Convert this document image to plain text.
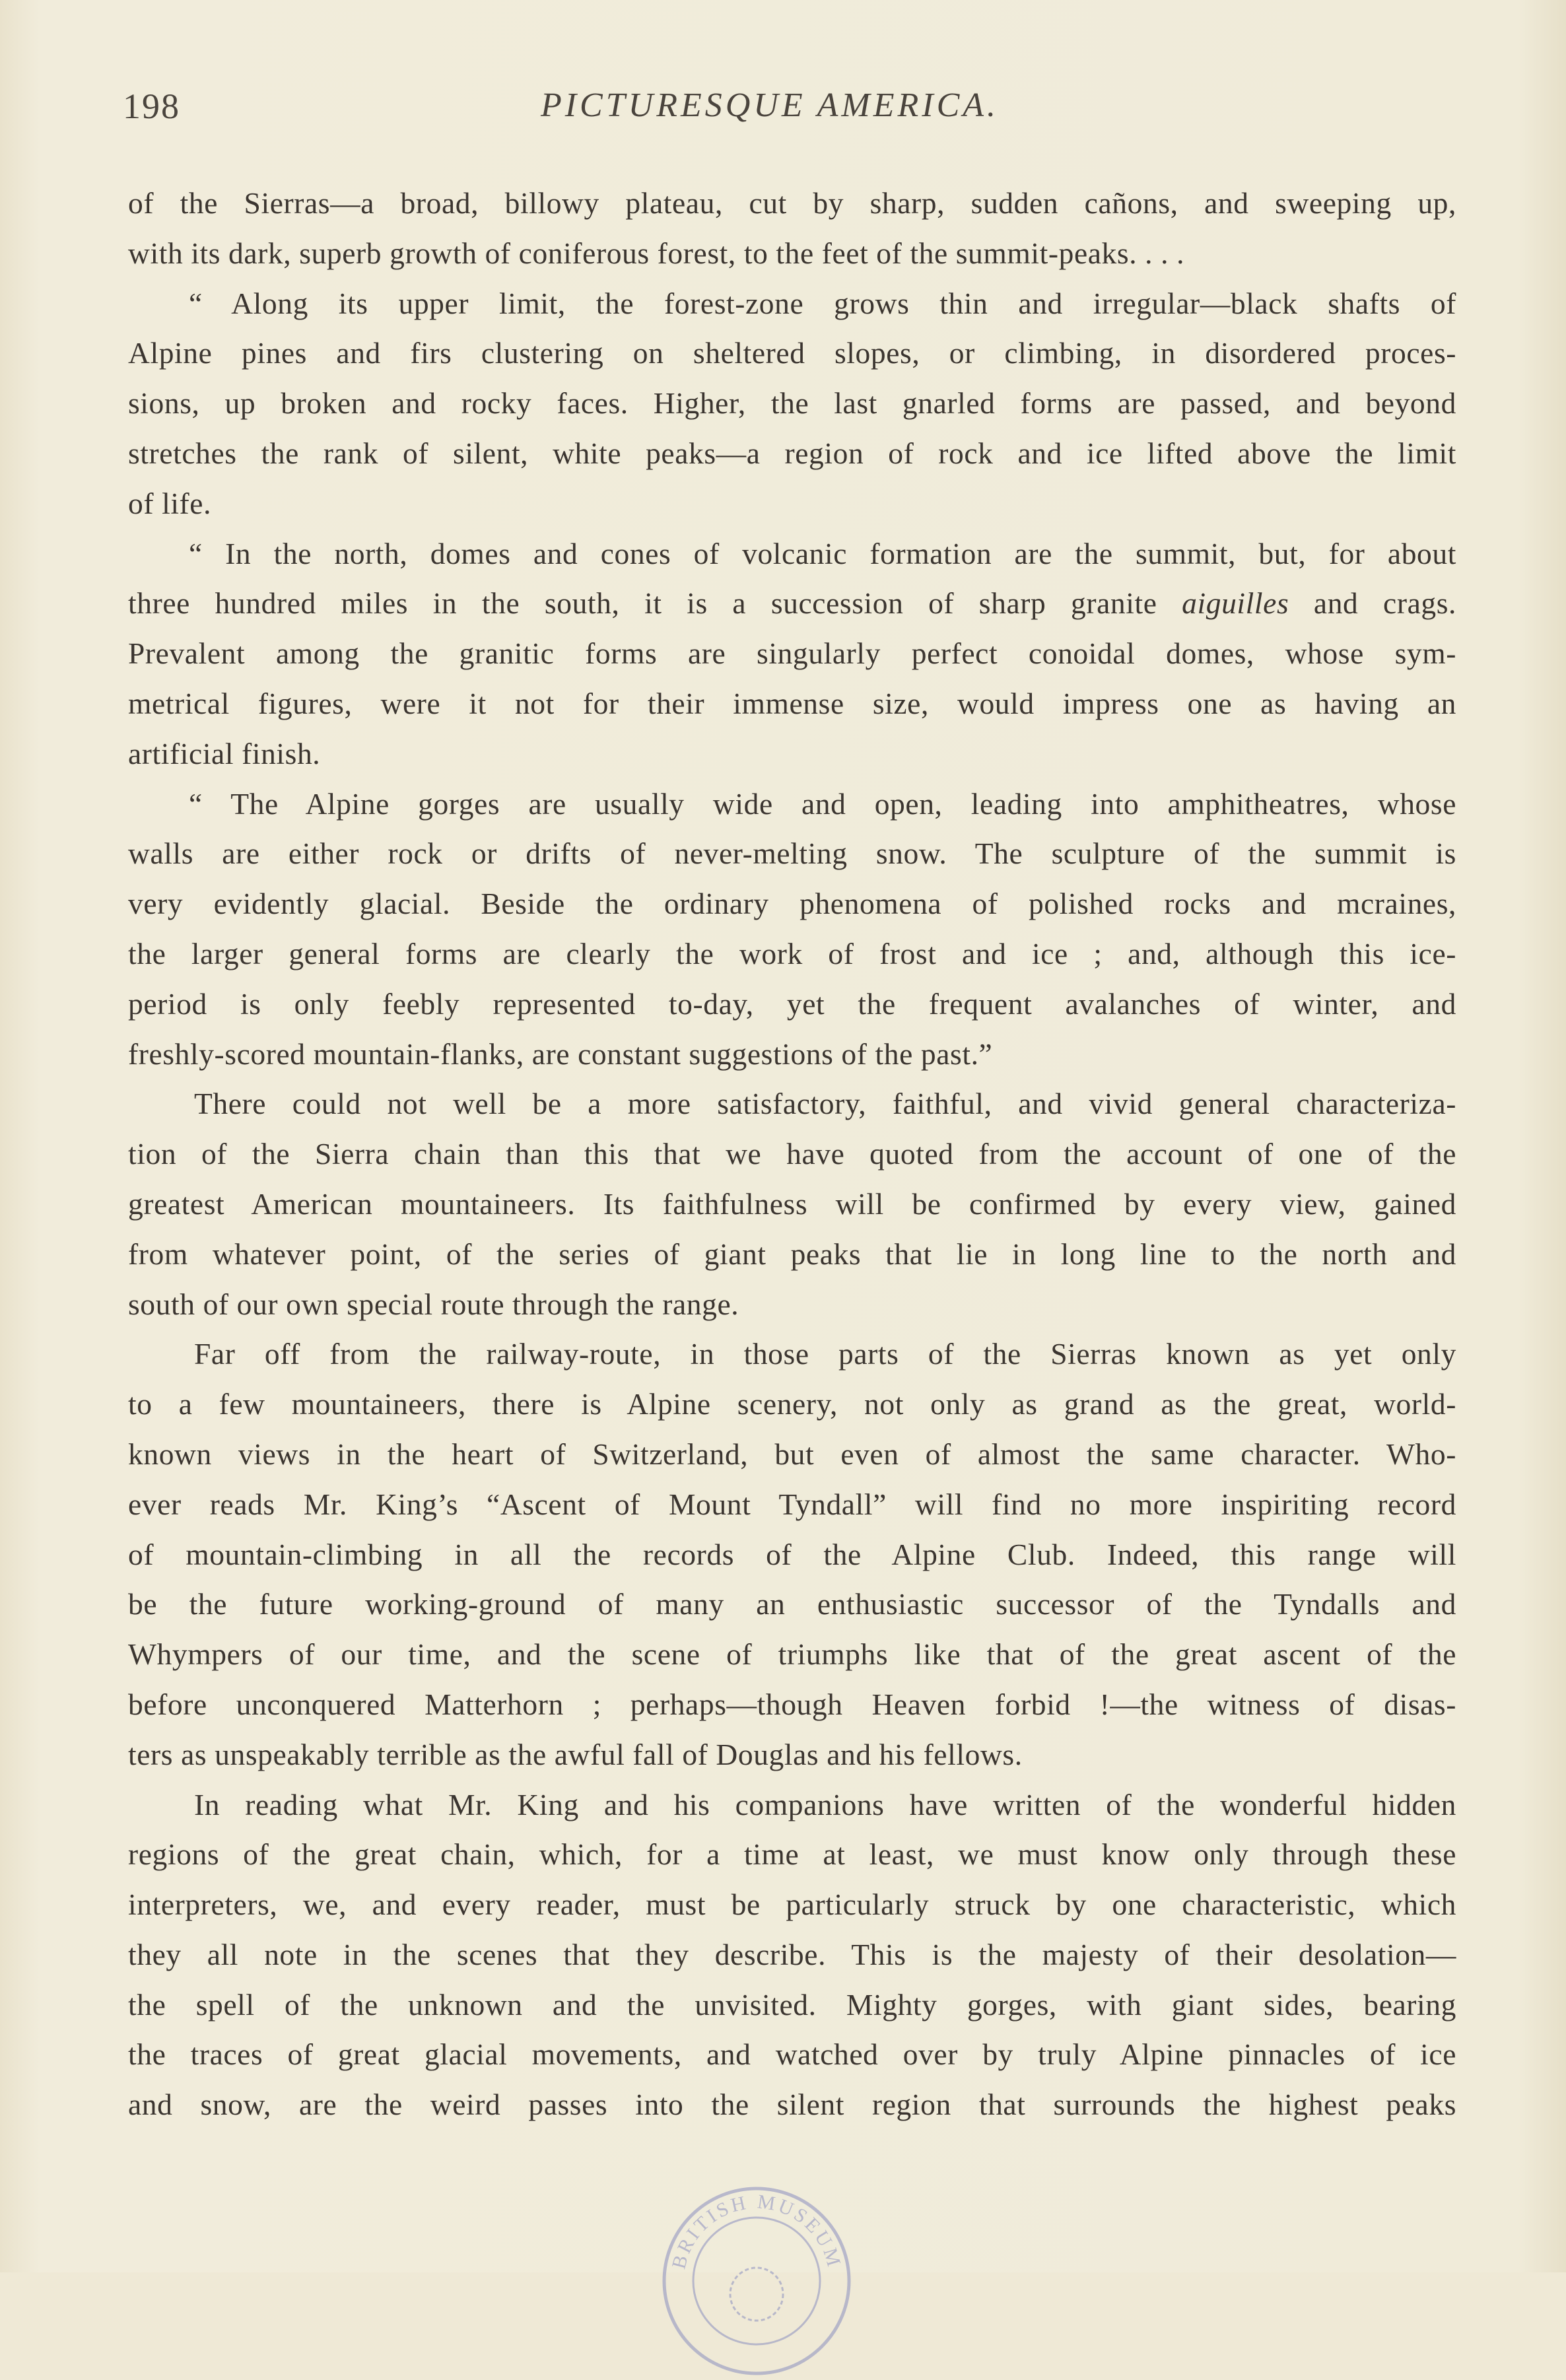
198	PICTURESQUE AMERICA.
of the Sierras—a broad, billowy plateau, cut by sharp, sudden cañons, and sweeping up,
with its dark, superb growth of coniferous forest, to the feet of the summit-peaks. . . .
“ Along its upper limit, the forest-zone grows thin and irregular—black shafts of
Alpine pines and firs clustering on sheltered slopes, or climbing, in disordered proces-
sions, up broken and rocky faces. Higher, the last gnarled forms are passed, and beyond
stretches the rank of silent, white peaks—a region of rock and ice lifted above the limit
of life.
“ In the north, domes and cones of volcanic formation are the summit, but, for about
three hundred miles in the south, it is a succession of sharp granite aiguilles and crags.
Prevalent among the granitic forms are singularly perfect conoidal domes, whose sym-
metrical figures, were it not for their immense size, would impress one as having an
artificial finish.
“ The Alpine gorges are usually wide and open, leading into amphitheatres, whose
walls are either rock or drifts of never-melting snow. The sculpture of the summit is
very evidently glacial. Beside the ordinary phenomena of polished rocks and mcraines,
the larger general forms are clearly the work of frost and ice ; and, although this ice-
period is only feebly represented to-day, yet the frequent avalanches of winter, and
freshly-scored mountain-flanks, are constant suggestions of the past.”
There could not well be a more satisfactory, faithful, and vivid general characteriza-
tion of the Sierra chain than this that we have quoted from the account of one of the
greatest American mountaineers. Its faithfulness will be confirmed by every view, gained
from whatever point, of the series of giant peaks that lie in long line to the north and
south of our own special route through the range.
Far off from the railway-route, in those parts of the Sierras known as yet only
to a few mountaineers, there is Alpine scenery, not only as grand as the great, world-
known views in the heart of Switzerland, but even of almost the same character. Who-
ever reads Mr. King’s “Ascent of Mount Tyndall” will find no more inspiriting record
of mountain-climbing in all the records of the Alpine Club. Indeed, this range will
be the future working-ground of many an enthusiastic successor of the Tyndalls and
Whympers of our time, and the scene of triumphs like that of the great ascent of the
before unconquered Matterhorn ; perhaps—though Heaven forbid !—the witness of disas-
ters as unspeakably terrible as the awful fall of Douglas and his fellows.
In reading what Mr. King and his companions have written of the wonderful hidden
regions of the great chain, which, for a time at least, we must know only through these
interpreters, we, and every reader, must be particularly struck by one characteristic, which
they all note in the scenes that they describe. This is the majesty of their desolation—
the spell of the unknown and the unvisited. Mighty gorges, with giant sides, bearing
the traces of great glacial movements, and watched over by truly Alpine pinnacles of ice
and snow, are the weird passes into the silent region that surrounds the highest peaks
BRITISH MUSEUM
